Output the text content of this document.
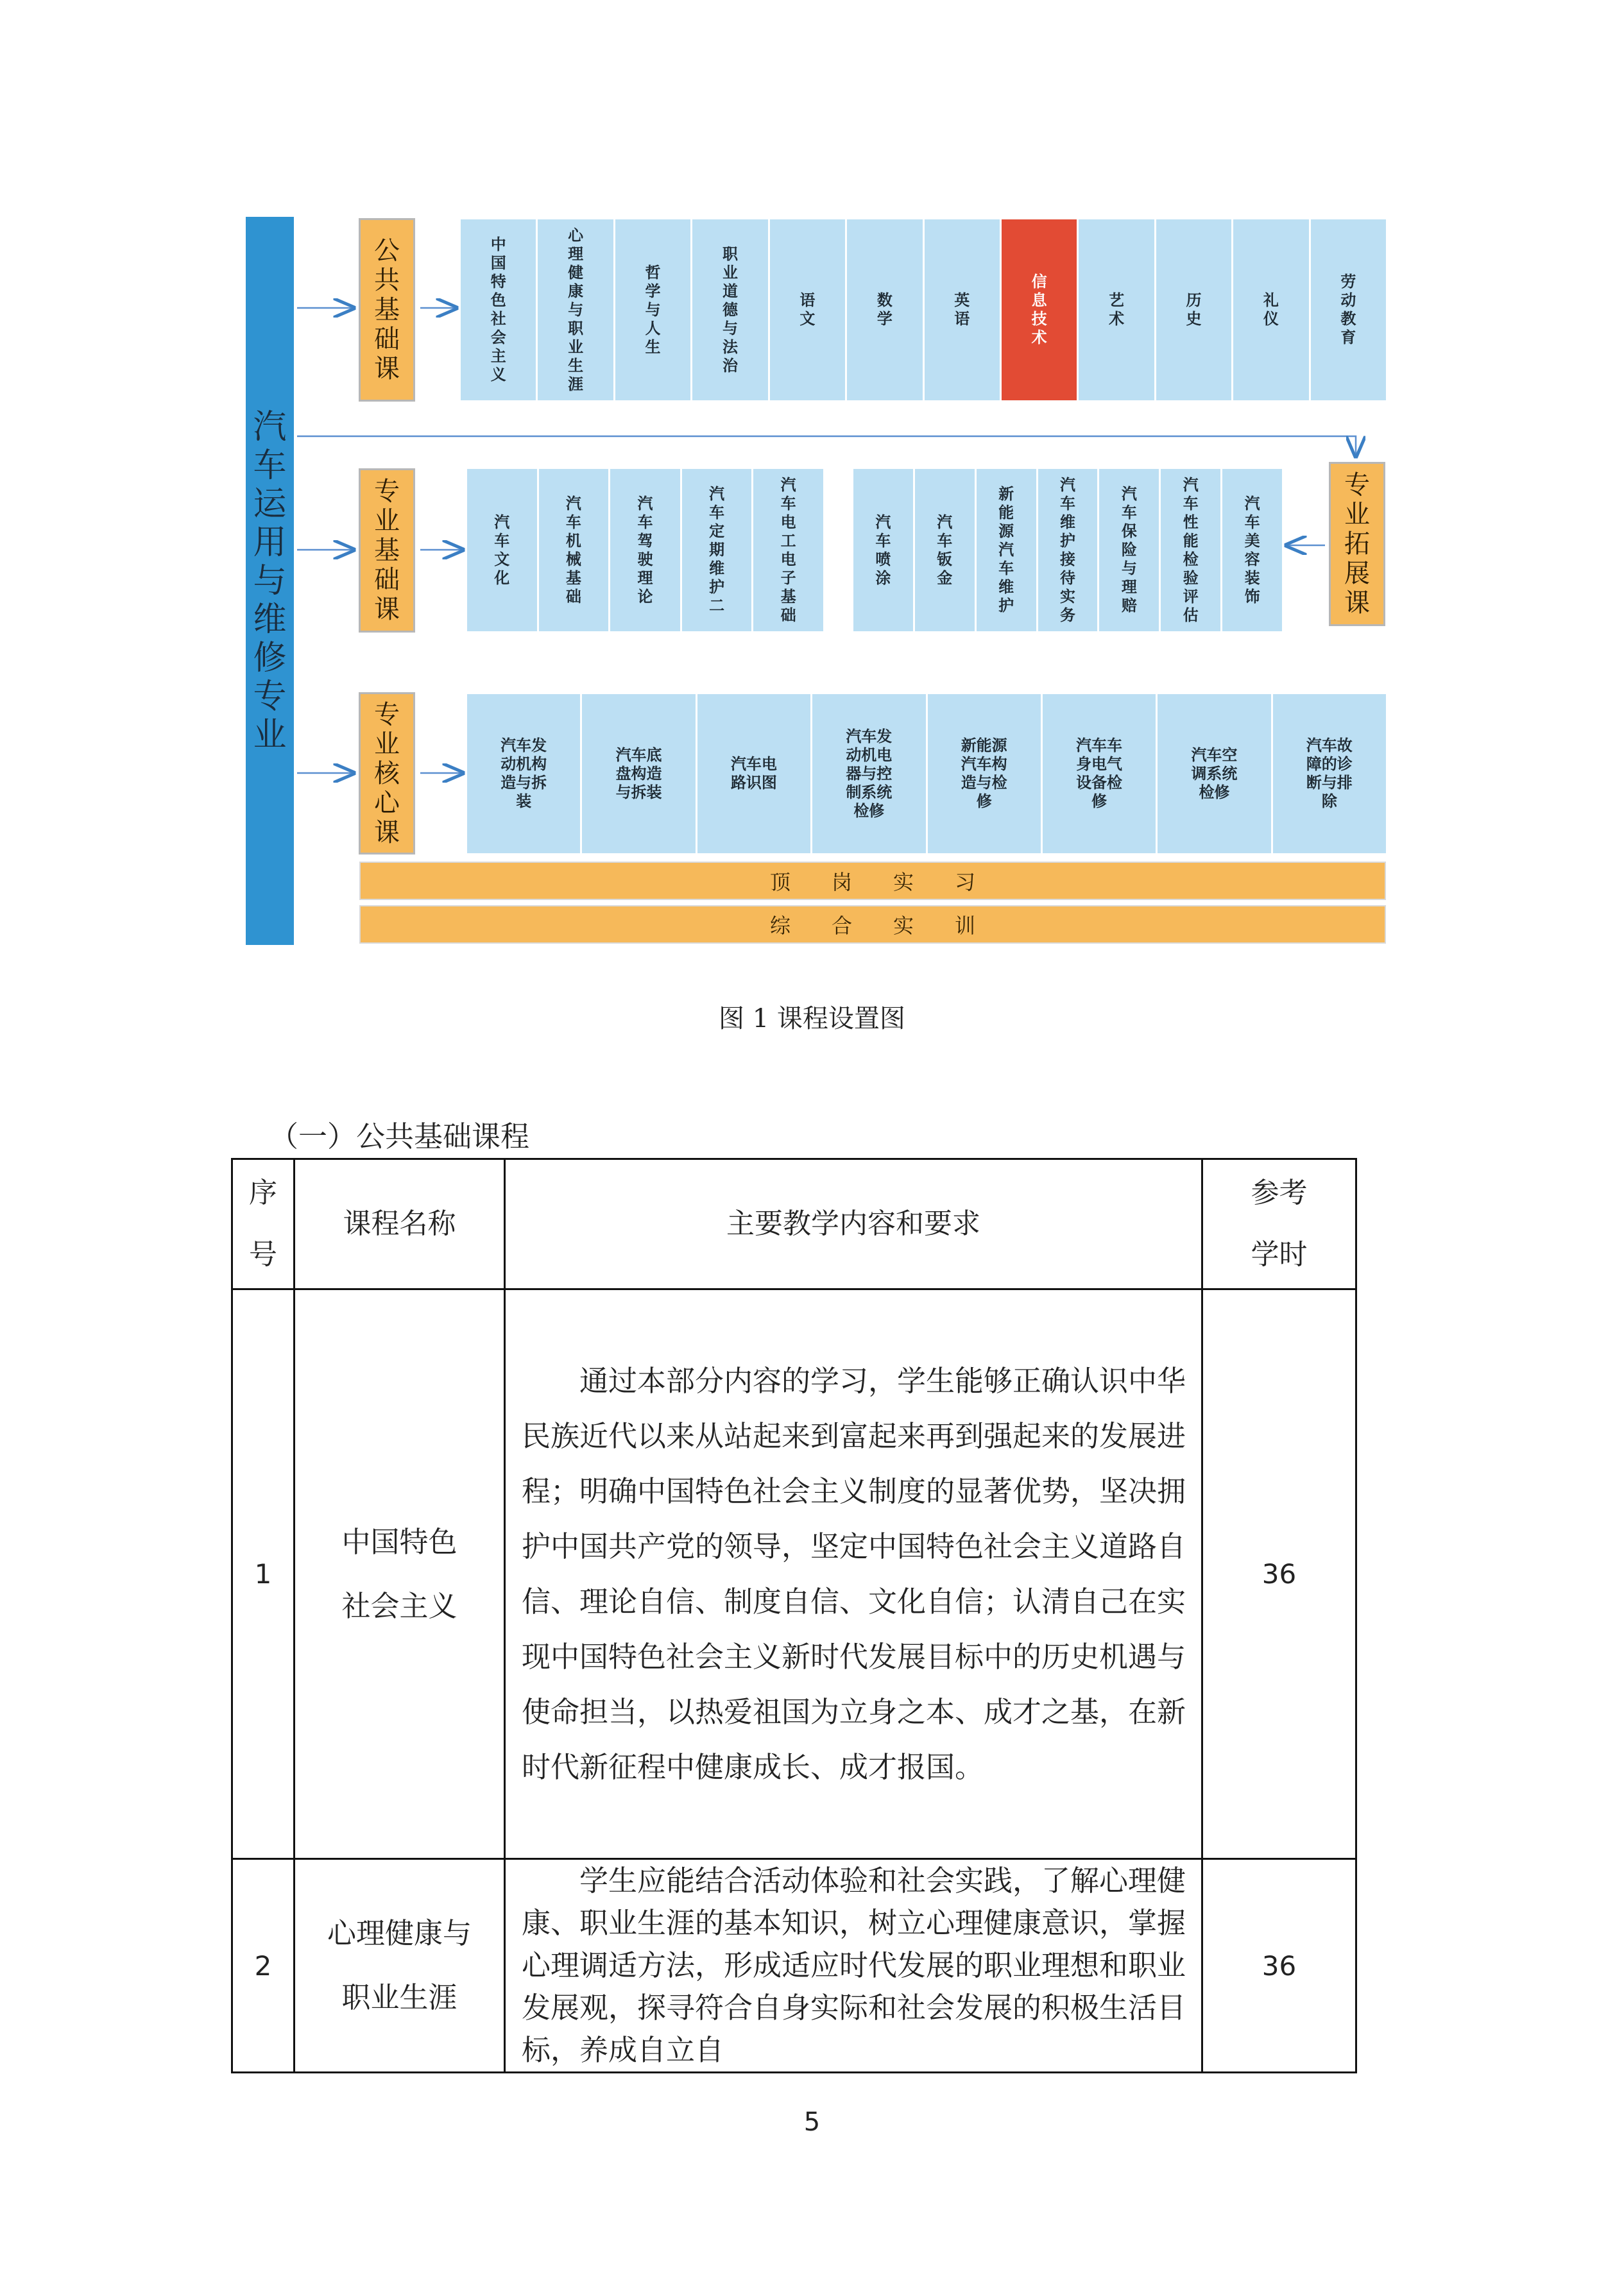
汽车运用与维修专业
公共基础课
专业基础课
专业核心课
专业拓展课
中国特色社会主义
心理健康与职业生涯
哲学与人生
职业道德与法治
语文
数学
英语
信息技术
艺术
历史
礼仪
劳动教育
汽车文化
汽车机械基础
汽车驾驶理论
汽车定期维护二
汽车电工电子基础
汽车喷涂
汽车钣金
新能源汽车维护
汽车维护接待实务
汽车保险与理赔
汽车性能检验评估
汽车美容装饰
汽车发动机构造与拆装
汽车底盘构造与拆装
汽车电路识图
汽车发动机电器与控制系统检修
新能源汽车构造与检修
汽车车身电气设备检修
汽车空调系统检修
汽车故障的诊断与排除
顶　　岗　　实　　习
综　　合　　实　　训
图 1 课程设置图
（一）公共基础课程
序号	课程名称	主要教学内容和要求	参考学时

1	中国特色社会主义	　　通过本部分内容的学习，学生能够正确认识中华民族近代以来从站起来到富起来再到强起来的发展进程；明确中国特色社会主义制度的显著优势，坚决拥护中国共产党的领导，坚定中国特色社会主义道路自信、理论自信、制度自信、文化自信；认清自己在实现中国特色社会主义新时代发展目标中的历史机遇与使命担当，以热爱祖国为立身之本、成才之基，在新时代新征程中健康成长、成才报国。	36
2	心理健康与职业生涯	　　学生应能结合活动体验和社会实践，了解心理健康、职业生涯的基本知识，树立心理健康意识，掌握心理调适方法，形成适应时代发展的职业理想和职业发展观，探寻符合自身实际和社会发展的积极生活目标，养成自立自	36
5
